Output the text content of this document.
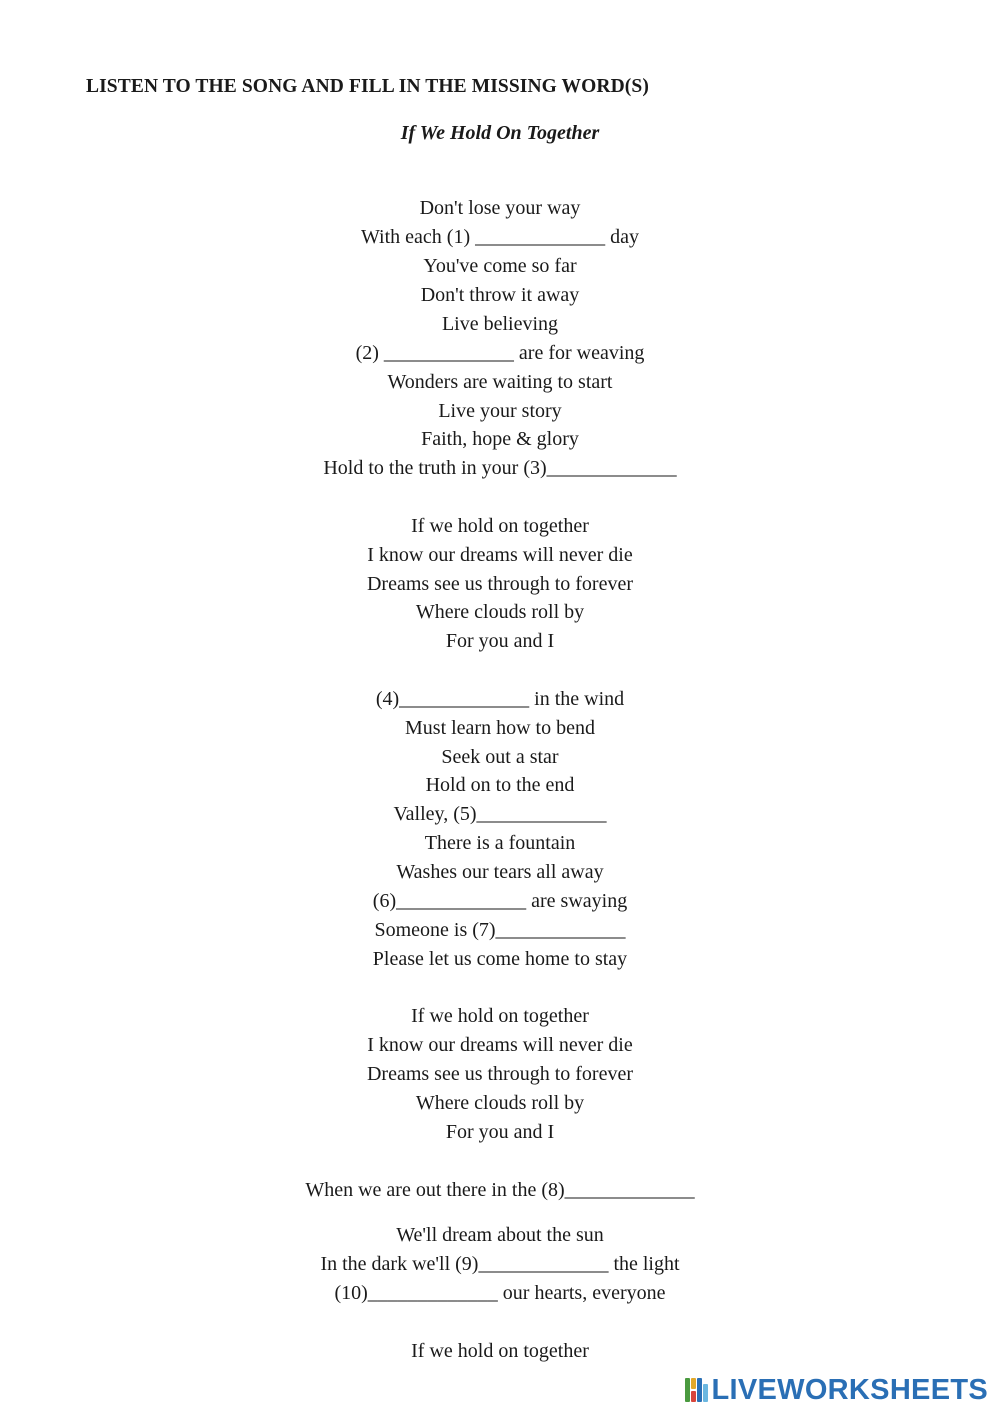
LISTEN TO THE SONG AND FILL IN THE MISSING WORD(S)
If We Hold On Together
Don't lose your way
With each (1) _____________ day
You've come so far
Don't throw it away
Live believing
(2) _____________ are for weaving
Wonders are waiting to start
Live your story
Faith, hope & glory
Hold to the truth in your (3)_____________
If we hold on together
I know our dreams will never die
Dreams see us through to forever
Where clouds roll by
For you and I
(4)_____________ in the wind
Must learn how to bend
Seek out a star
Hold on to the end
Valley, (5)_____________
There is a fountain
Washes our tears all away
(6)_____________ are swaying
Someone is (7)_____________
Please let us come home to stay
If we hold on together
I know our dreams will never die
Dreams see us through to forever
Where clouds roll by
For you and I
When we are out there in the (8)_____________
We'll dream about the sun
In the dark we'll (9)_____________ the light
(10)_____________ our hearts, everyone
If we hold on together
LIVEWORKSHEETS
